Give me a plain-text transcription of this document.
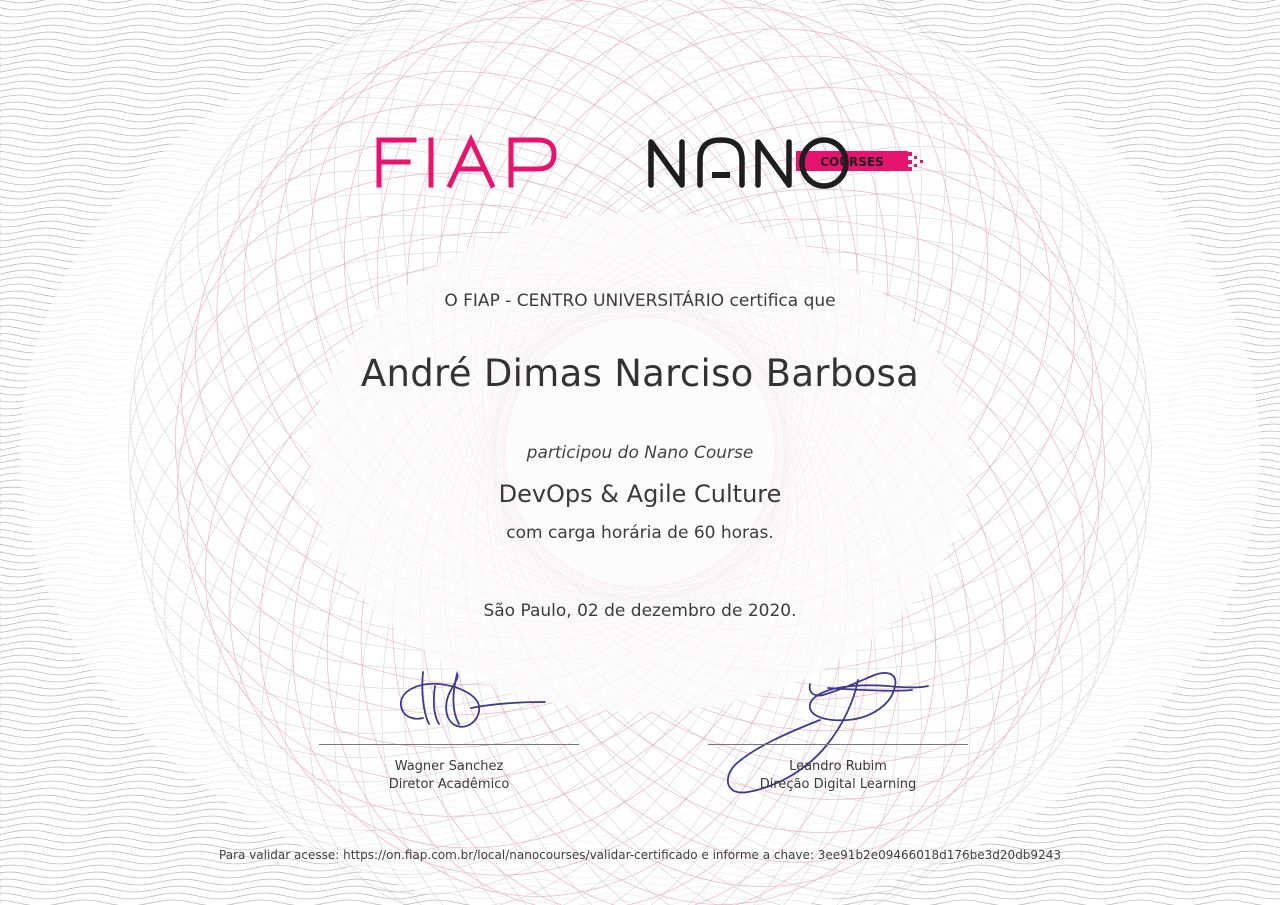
COURSES
O FIAP - CENTRO UNIVERSITÁRIO certifica que
André Dimas Narciso Barbosa
participou do Nano Course
DevOps & Agile Culture
com carga horária de 60 horas.
São Paulo, 02 de dezembro de 2020.
Wagner Sanchez
Diretor Acadêmico
Leandro Rubim
Direção Digital Learning
Para validar acesse: https://on.fiap.com.br/local/nanocourses/validar-certificado e informe a chave: 3ee91b2e09466018d176be3d20db9243
